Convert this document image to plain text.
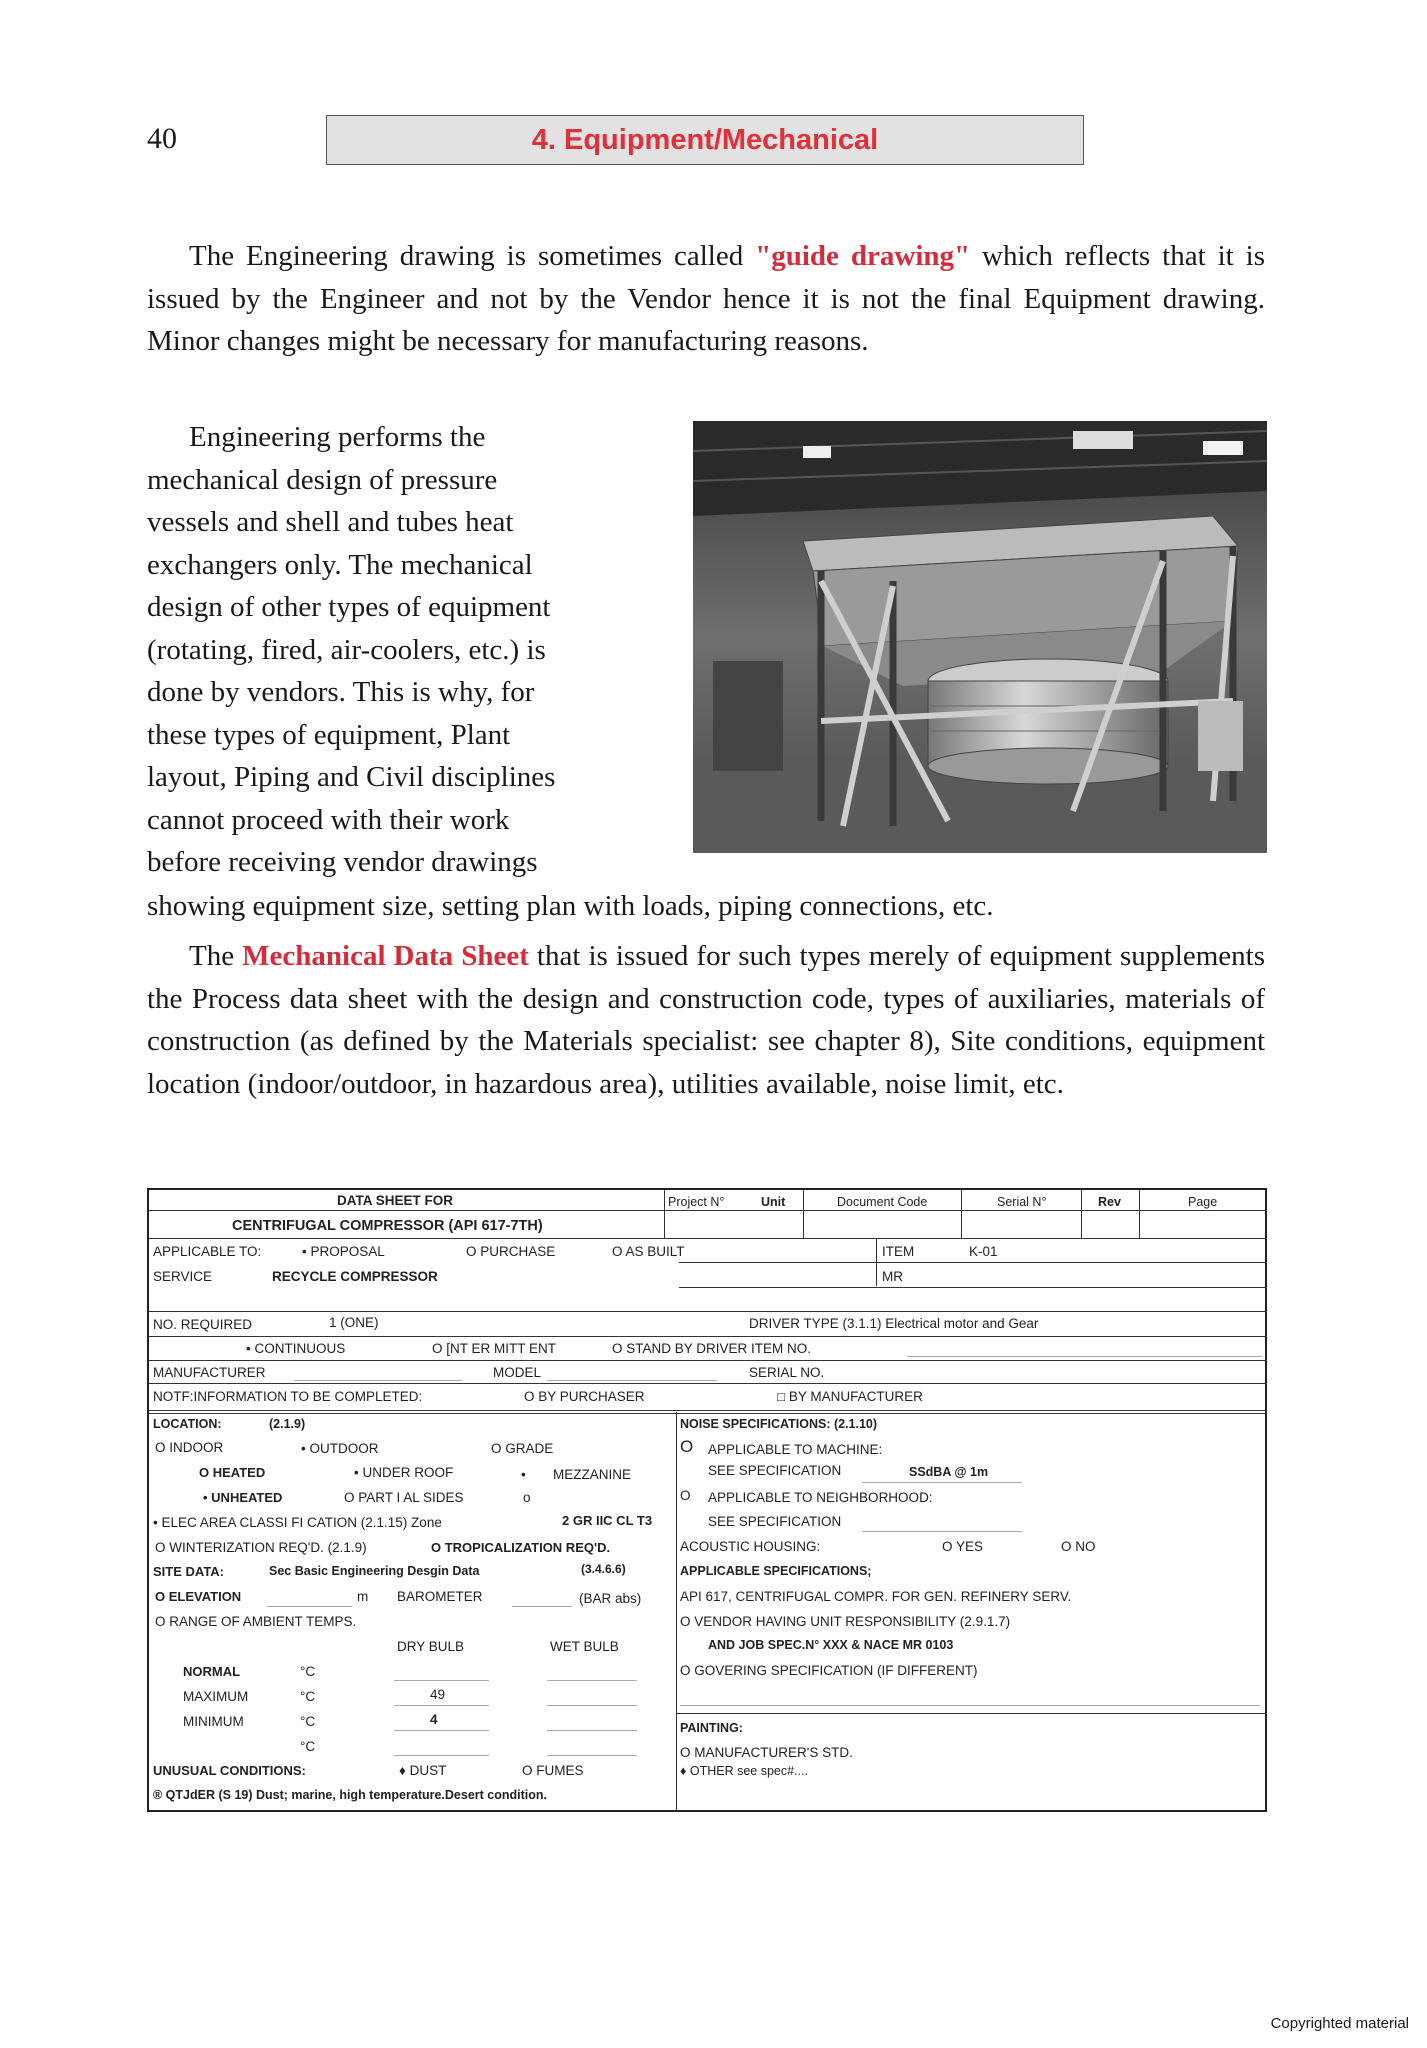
40	4. Equipment/Mechanical
The Engineering drawing is sometimes called "guide drawing" which reflects that it is issued by the Engineer and not by the Vendor hence it is not the final Equipment drawing. Minor changes might be necessary for manufacturing reasons.
Engineering performs the mechanical design of pressure vessels and shell and tubes heat exchangers only. The mechanical design of other types of equipment (rotating, fired, air-coolers, etc.) is done by vendors. This is why, for these types of equipment, Plant layout, Piping and Civil disciplines cannot proceed with their work before receiving vendor drawings
showing equipment size, setting plan with loads, piping connections, etc.
The Mechanical Data Sheet that is issued for such types merely of equipment supplements the Process data sheet with the design and construction code, types of auxiliaries, materials of construction (as defined by the Materials specialist: see chapter 8), Site conditions, equipment location (indoor/outdoor, in hazardous area), utilities available, noise limit, etc.
DATA SHEET FOR
CENTRIFUGAL COMPRESSOR (API 617-7TH)
Project N°	Unit	Document Code	Serial N°	Rev	Page
APPLICABLE TO:	• PROPOSAL	O PURCHASE	O AS BUILT	ITEM	K-01
SERVICE	RECYCLE COMPRESSOR	MR
NO. REQUIRED	1 (ONE)	DRIVER TYPE (3.1.1) Electrical motor and Gear
• CONTINUOUS	O [NT ER MITT ENT	O STAND BY DRIVER ITEM NO.
MANUFACTURER	MODEL	SERIAL NO.
NOTF:INFORMATION TO BE COMPLETED:	O BY PURCHASER	□ BY MANUFACTURER
LOCATION:	(2.1.9)
O INDOOR	• OUTDOOR	O GRADE
O HEATED	• UNDER ROOF	• MEZZANINE
• UNHEATED	O PART I AL SIDES	o
• ELEC AREA CLASSI FI CATION (2.1.15) Zone	2 GR IIC CL T3
O WINTERIZATION REQ'D. (2.1.9)	O TROPICALIZATION REQ'D.
SITE DATA:	Sec Basic Engineering Desgin Data	(3.4.6.6)
O ELEVATION	m BAROMETER	(BAR abs)
O RANGE OF AMBIENT TEMPS.
DRY BULB	WET BULB
NORMAL	°C
MAXIMUM	°C	49
MINIMUM	°C	4
°C
UNUSUAL CONDITIONS:	♦ DUST	O FUMES
® QTJdER (S 19) Dust; marine, high temperature.Desert condition.
NOISE SPECIFICATIONS: (2.1.10)
O APPLICABLE TO MACHINE:
SEE SPECIFICATION	SSdBA @ 1m
O APPLICABLE TO NEIGHBORHOOD:
SEE SPECIFICATION
ACOUSTIC HOUSING:	O YES	O NO
APPLICABLE SPECIFICATIONS;
API 617, CENTRIFUGAL COMPR. FOR GEN. REFINERY SERV.
O VENDOR HAVING UNIT RESPONSIBILITY (2.9.1.7)
AND JOB SPEC.N° XXX & NACE MR 0103
O GOVERING SPECIFICATION (IF DIFFERENT)
PAINTING:
O MANUFACTURER'S STD.
♦ OTHER see spec#....
Copyrighted material
